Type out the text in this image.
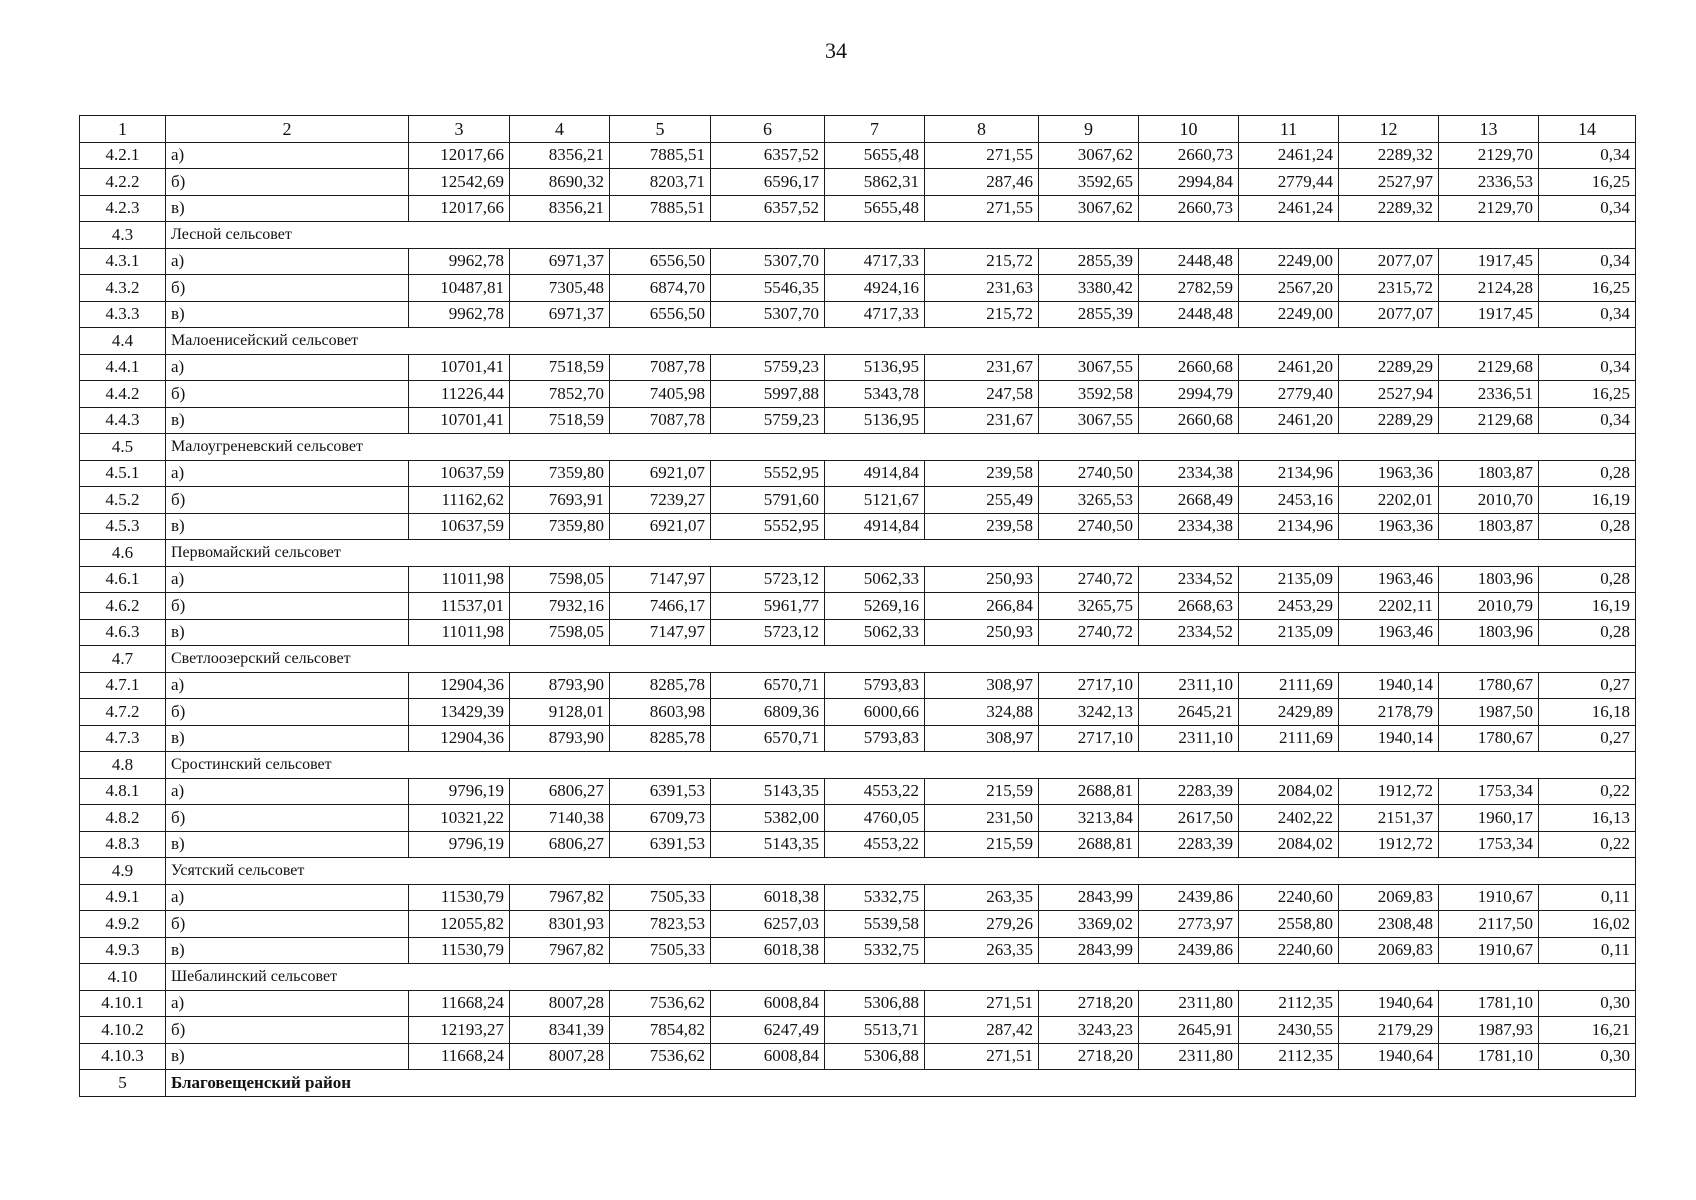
34
1	2	3	4	5	6	7	8	9	10	11	12	13	14
4.2.1	а)	12017,66	8356,21	7885,51	6357,52	5655,48	271,55	3067,62	2660,73	2461,24	2289,32	2129,70	0,34
4.2.2	б)	12542,69	8690,32	8203,71	6596,17	5862,31	287,46	3592,65	2994,84	2779,44	2527,97	2336,53	16,25
4.2.3	в)	12017,66	8356,21	7885,51	6357,52	5655,48	271,55	3067,62	2660,73	2461,24	2289,32	2129,70	0,34
4.3	Лесной сельсовет												
4.3.1	а)	9962,78	6971,37	6556,50	5307,70	4717,33	215,72	2855,39	2448,48	2249,00	2077,07	1917,45	0,34
4.3.2	б)	10487,81	7305,48	6874,70	5546,35	4924,16	231,63	3380,42	2782,59	2567,20	2315,72	2124,28	16,25
4.3.3	в)	9962,78	6971,37	6556,50	5307,70	4717,33	215,72	2855,39	2448,48	2249,00	2077,07	1917,45	0,34
4.4	Малоенисейский сельсовет												
4.4.1	а)	10701,41	7518,59	7087,78	5759,23	5136,95	231,67	3067,55	2660,68	2461,20	2289,29	2129,68	0,34
4.4.2	б)	11226,44	7852,70	7405,98	5997,88	5343,78	247,58	3592,58	2994,79	2779,40	2527,94	2336,51	16,25
4.4.3	в)	10701,41	7518,59	7087,78	5759,23	5136,95	231,67	3067,55	2660,68	2461,20	2289,29	2129,68	0,34
4.5	Малоугреневский сельсовет												
4.5.1	а)	10637,59	7359,80	6921,07	5552,95	4914,84	239,58	2740,50	2334,38	2134,96	1963,36	1803,87	0,28
4.5.2	б)	11162,62	7693,91	7239,27	5791,60	5121,67	255,49	3265,53	2668,49	2453,16	2202,01	2010,70	16,19
4.5.3	в)	10637,59	7359,80	6921,07	5552,95	4914,84	239,58	2740,50	2334,38	2134,96	1963,36	1803,87	0,28
4.6	Первомайский сельсовет												
4.6.1	а)	11011,98	7598,05	7147,97	5723,12	5062,33	250,93	2740,72	2334,52	2135,09	1963,46	1803,96	0,28
4.6.2	б)	11537,01	7932,16	7466,17	5961,77	5269,16	266,84	3265,75	2668,63	2453,29	2202,11	2010,79	16,19
4.6.3	в)	11011,98	7598,05	7147,97	5723,12	5062,33	250,93	2740,72	2334,52	2135,09	1963,46	1803,96	0,28
4.7	Светлоозерский сельсовет												
4.7.1	а)	12904,36	8793,90	8285,78	6570,71	5793,83	308,97	2717,10	2311,10	2111,69	1940,14	1780,67	0,27
4.7.2	б)	13429,39	9128,01	8603,98	6809,36	6000,66	324,88	3242,13	2645,21	2429,89	2178,79	1987,50	16,18
4.7.3	в)	12904,36	8793,90	8285,78	6570,71	5793,83	308,97	2717,10	2311,10	2111,69	1940,14	1780,67	0,27
4.8	Сростинский сельсовет												
4.8.1	а)	9796,19	6806,27	6391,53	5143,35	4553,22	215,59	2688,81	2283,39	2084,02	1912,72	1753,34	0,22
4.8.2	б)	10321,22	7140,38	6709,73	5382,00	4760,05	231,50	3213,84	2617,50	2402,22	2151,37	1960,17	16,13
4.8.3	в)	9796,19	6806,27	6391,53	5143,35	4553,22	215,59	2688,81	2283,39	2084,02	1912,72	1753,34	0,22
4.9	Усятский сельсовет												
4.9.1	а)	11530,79	7967,82	7505,33	6018,38	5332,75	263,35	2843,99	2439,86	2240,60	2069,83	1910,67	0,11
4.9.2	б)	12055,82	8301,93	7823,53	6257,03	5539,58	279,26	3369,02	2773,97	2558,80	2308,48	2117,50	16,02
4.9.3	в)	11530,79	7967,82	7505,33	6018,38	5332,75	263,35	2843,99	2439,86	2240,60	2069,83	1910,67	0,11
4.10	Шебалинский сельсовет												
4.10.1	а)	11668,24	8007,28	7536,62	6008,84	5306,88	271,51	2718,20	2311,80	2112,35	1940,64	1781,10	0,30
4.10.2	б)	12193,27	8341,39	7854,82	6247,49	5513,71	287,42	3243,23	2645,91	2430,55	2179,29	1987,93	16,21
4.10.3	в)	11668,24	8007,28	7536,62	6008,84	5306,88	271,51	2718,20	2311,80	2112,35	1940,64	1781,10	0,30
5	Благовещенский район												
